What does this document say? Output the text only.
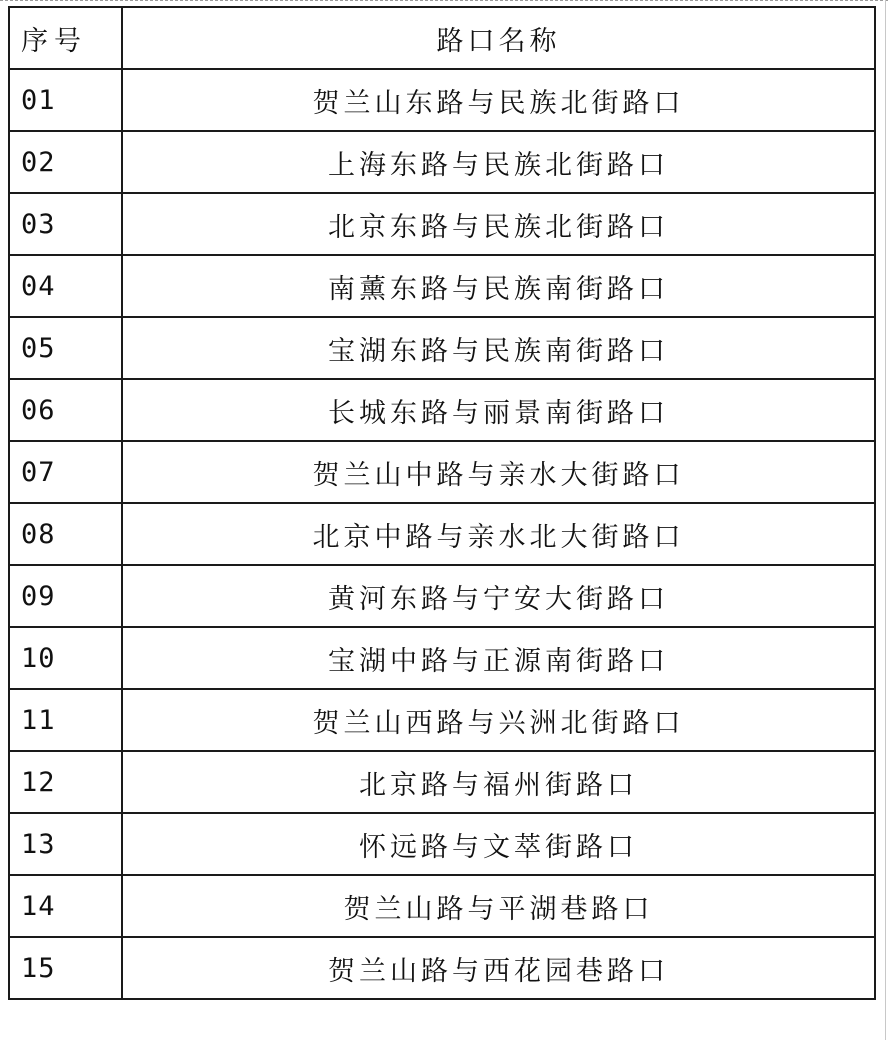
序号	路口名称
01	贺兰山东路与民族北街路口
02	上海东路与民族北街路口
03	北京东路与民族北街路口
04	南薰东路与民族南街路口
05	宝湖东路与民族南街路口
06	长城东路与丽景南街路口
07	贺兰山中路与亲水大街路口
08	北京中路与亲水北大街路口
09	黄河东路与宁安大街路口
10	宝湖中路与正源南街路口
11	贺兰山西路与兴洲北街路口
12	北京路与福州街路口
13	怀远路与文萃街路口
14	贺兰山路与平湖巷路口
15	贺兰山路与西花园巷路口
